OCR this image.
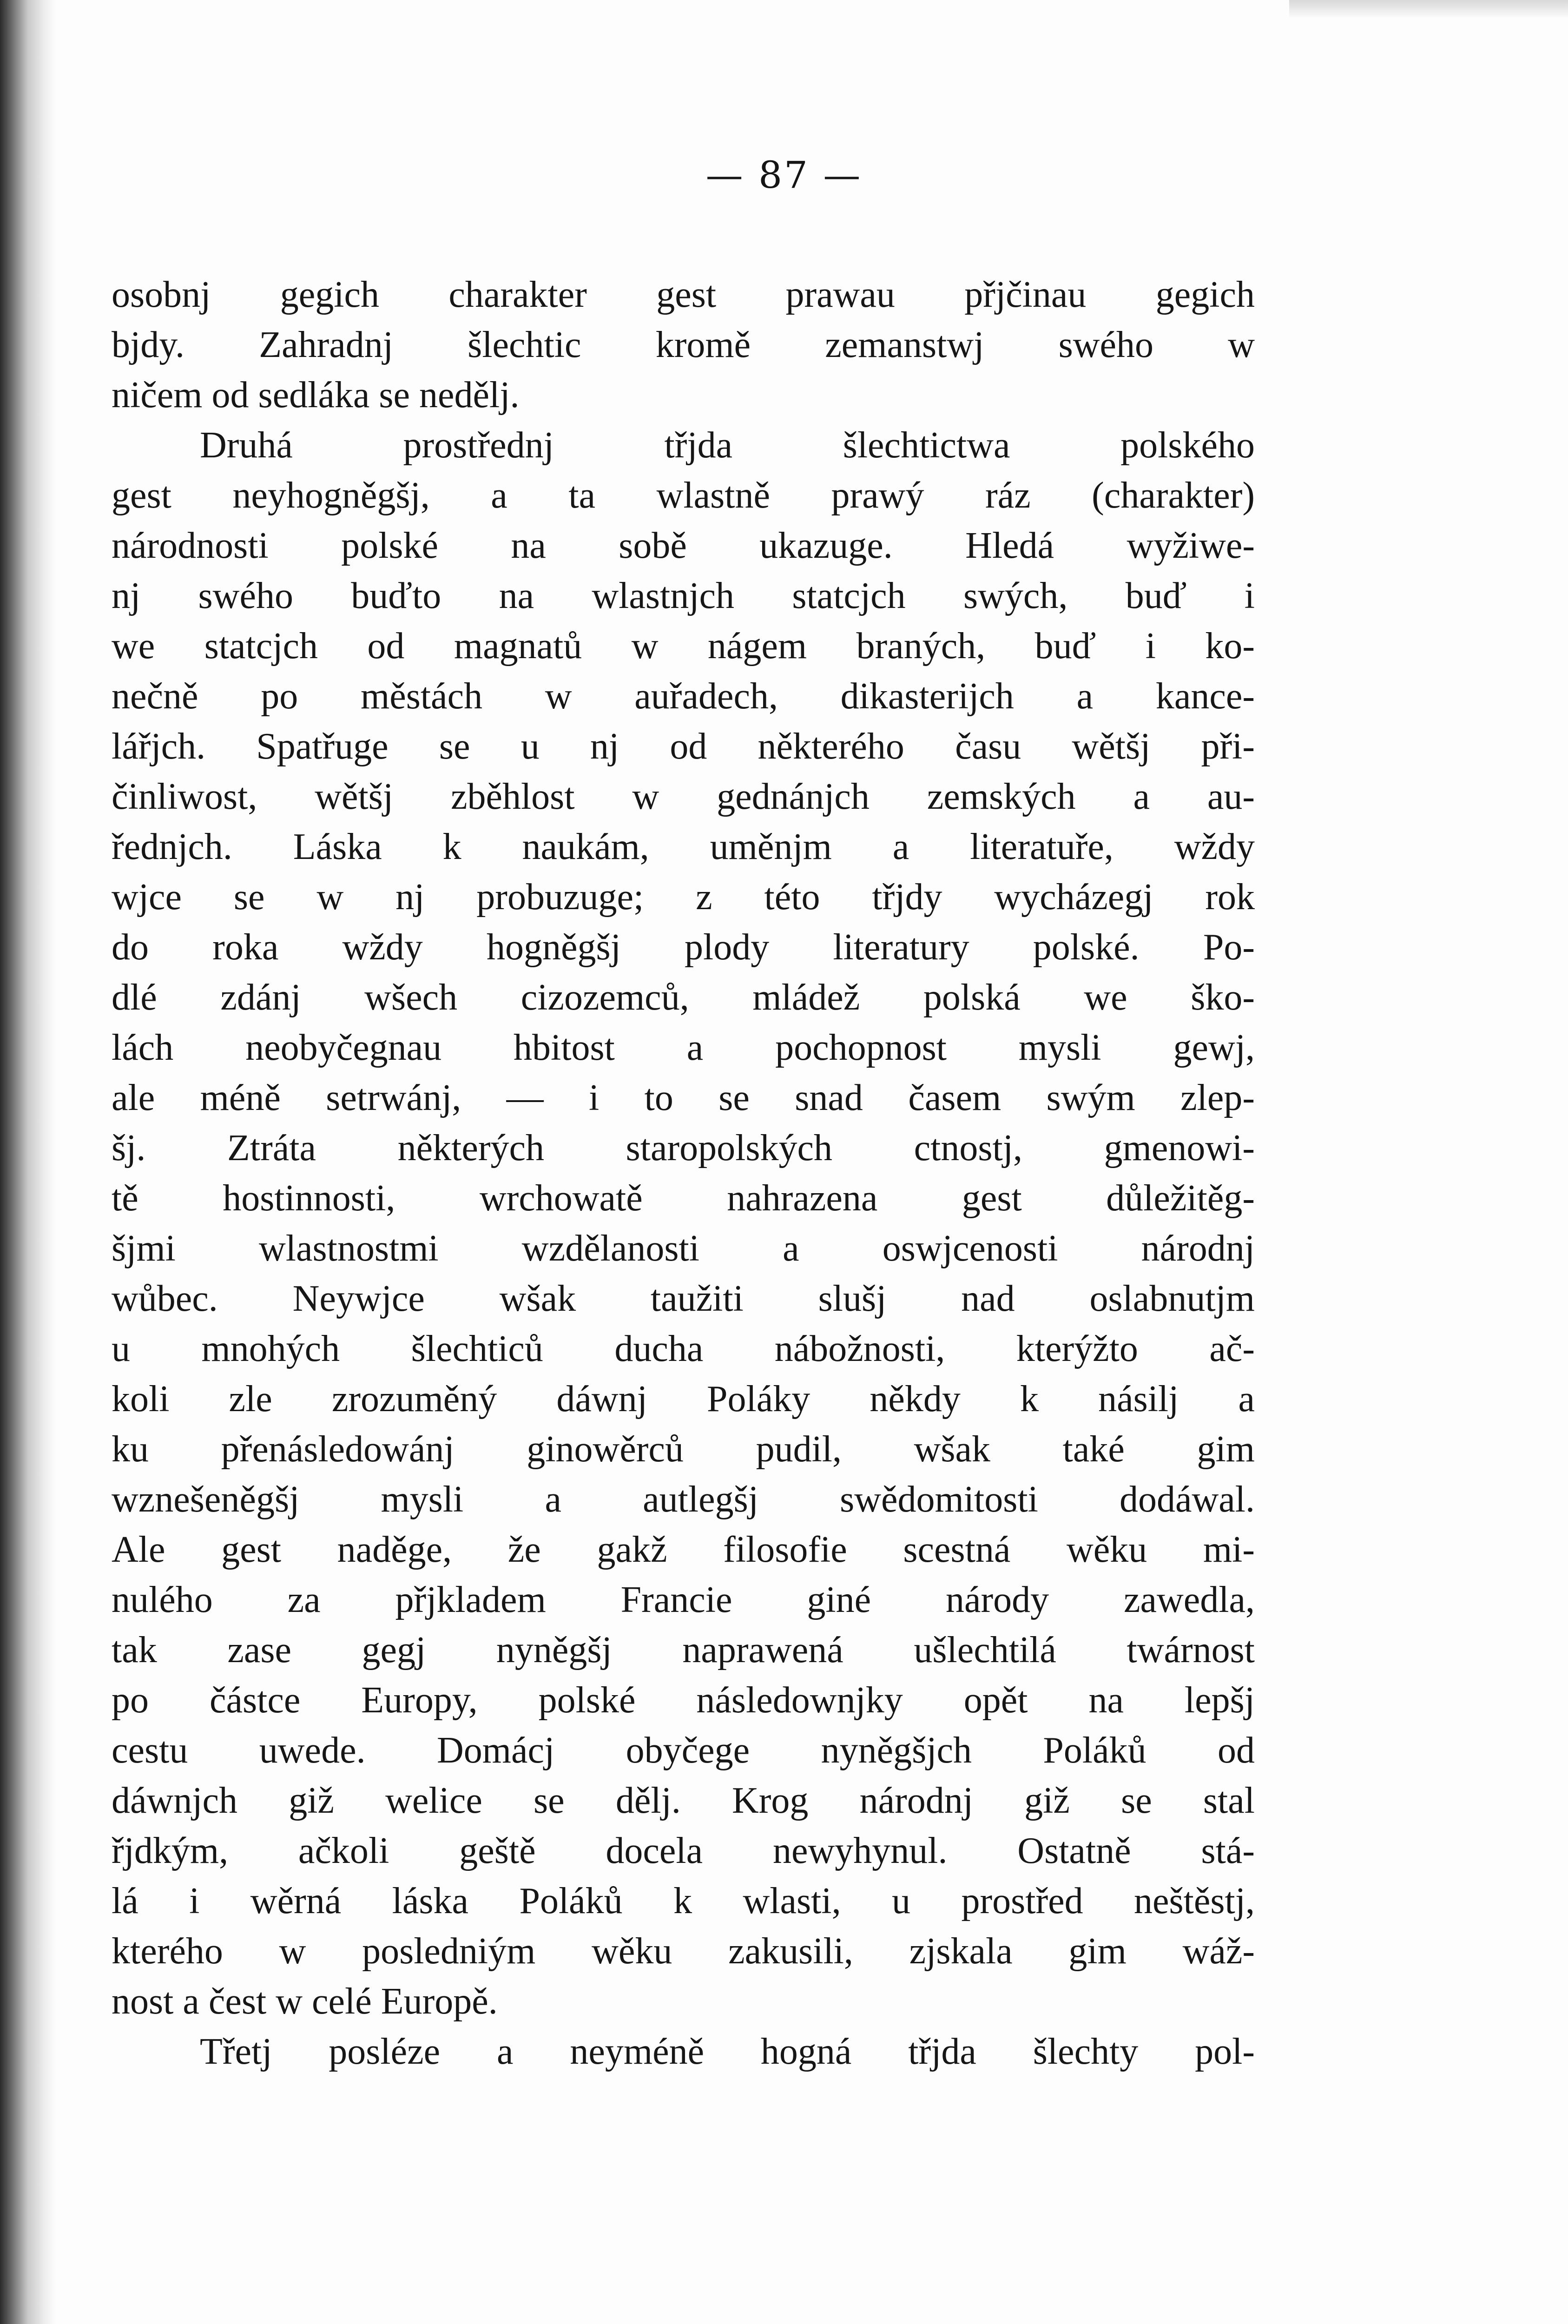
— 87 —
osobnj gegich charakter gest prawau přjčinau gegich
bjdy. Zahradnj šlechtic kromě zemanstwj swého w
ničem od sedláka se nedělj.
Druhá prostřednj třjda šlechtictwa polského
gest neyhogněgšj, a ta wlastně prawý ráz (charakter)
národnosti polské na sobě ukazuge. Hledá wyžiwe-
nj swého buďto na wlastnjch statcjch swých, buď i
we statcjch od magnatů w nágem braných, buď i ko-
nečně po městách w auřadech, dikasterijch a kance-
lářjch. Spatřuge se u nj od některého času wětšj při-
činliwost, wětšj zběhlost w gednánjch zemských a au-
řednjch. Láska k naukám, uměnjm a literatuře, wždy
wjce se w nj probuzuge; z této třjdy wycházegj rok
do roka wždy hogněgšj plody literatury polské. Po-
dlé zdánj wšech cizozemců, mládež polská we ško-
lách neobyčegnau hbitost a pochopnost mysli gewj,
ale méně setrwánj, — i to se snad časem swým zlep-
šj. Ztráta některých staropolských ctnostj, gmenowi-
tě hostinnosti, wrchowatě nahrazena gest důležitěg-
šjmi wlastnostmi wzdělanosti a oswjcenosti národnj
wůbec. Neywjce wšak taužiti slušj nad oslabnutjm
u mnohých šlechticů ducha nábožnosti, kterýžto ač-
koli zle zrozuměný dáwnj Poláky někdy k násilj a
ku přenásledowánj ginowěrců pudil, wšak také gim
wznešeněgšj mysli a autlegšj swědomitosti dodáwal.
Ale gest naděge, že gakž filosofie scestná wěku mi-
nulého za přjkladem Francie giné národy zawedla,
tak zase gegj nyněgšj naprawená ušlechtilá twárnost
po částce Europy, polské následownjky opět na lepšj
cestu uwede. Domácj obyčege nyněgšjch Poláků od
dáwnjch giž welice se dělj. Krog národnj giž se stal
řjdkým, ačkoli geště docela newyhynul. Ostatně stá-
lá i wěrná láska Poláků k wlasti, u prostřed neštěstj,
kterého w posledniým wěku zakusili, zjskala gim wáž-
nost a čest w celé Europě.
Třetj posléze a neyméně hogná třjda šlechty pol-
